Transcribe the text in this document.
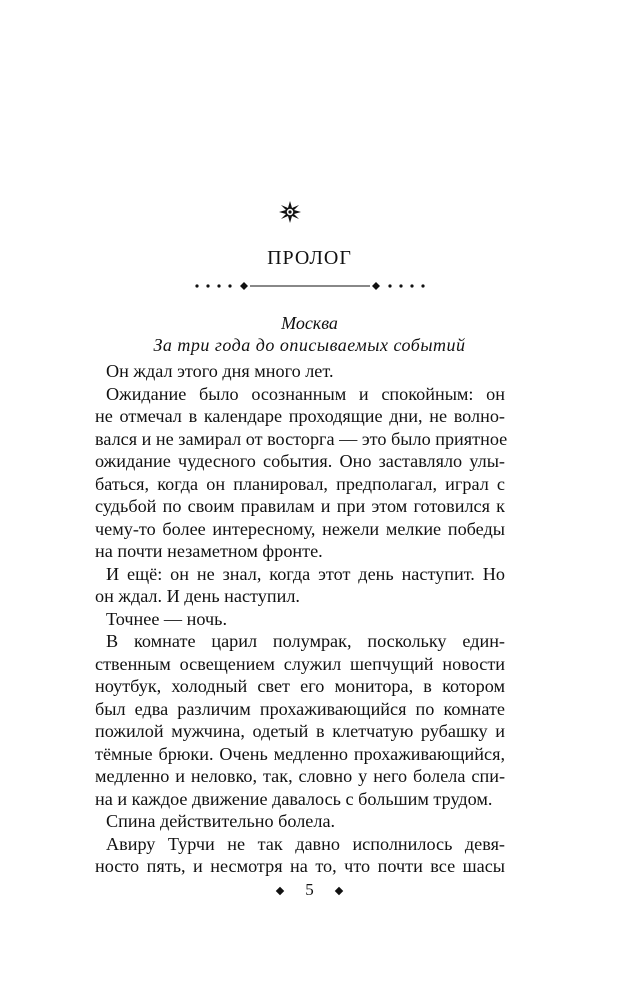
ПРОЛОГ
Москва
За три года до описываемых событий
Он ждал этого дня много лет.
Ожидание было осознанным и спокойным: он
не отмечал в календаре проходящие дни, не волно-
вался и не замирал от восторга — это было приятное
ожидание чудесного события. Оно заставляло улы-
баться, когда он планировал, предполагал, играл с
судьбой по своим правилам и при этом готовился к
чему-то более интересному, нежели мелкие победы
на почти незаметном фронте.
И ещё: он не знал, когда этот день наступит. Но
он ждал. И день наступил.
Точнее — ночь.
В комнате царил полумрак, поскольку един-
ственным освещением служил шепчущий новости
ноутбук, холодный свет его монитора, в котором
был едва различим прохаживающийся по комнате
пожилой мужчина, одетый в клетчатую рубашку и
тёмные брюки. Очень медленно прохаживающийся,
медленно и неловко, так, словно у него болела спи-
на и каждое движение давалось с большим трудом.
Спина действительно болела.
Авиру Турчи не так давно исполнилось девя-
носто пять, и несмотря на то, что почти все шасы
5
